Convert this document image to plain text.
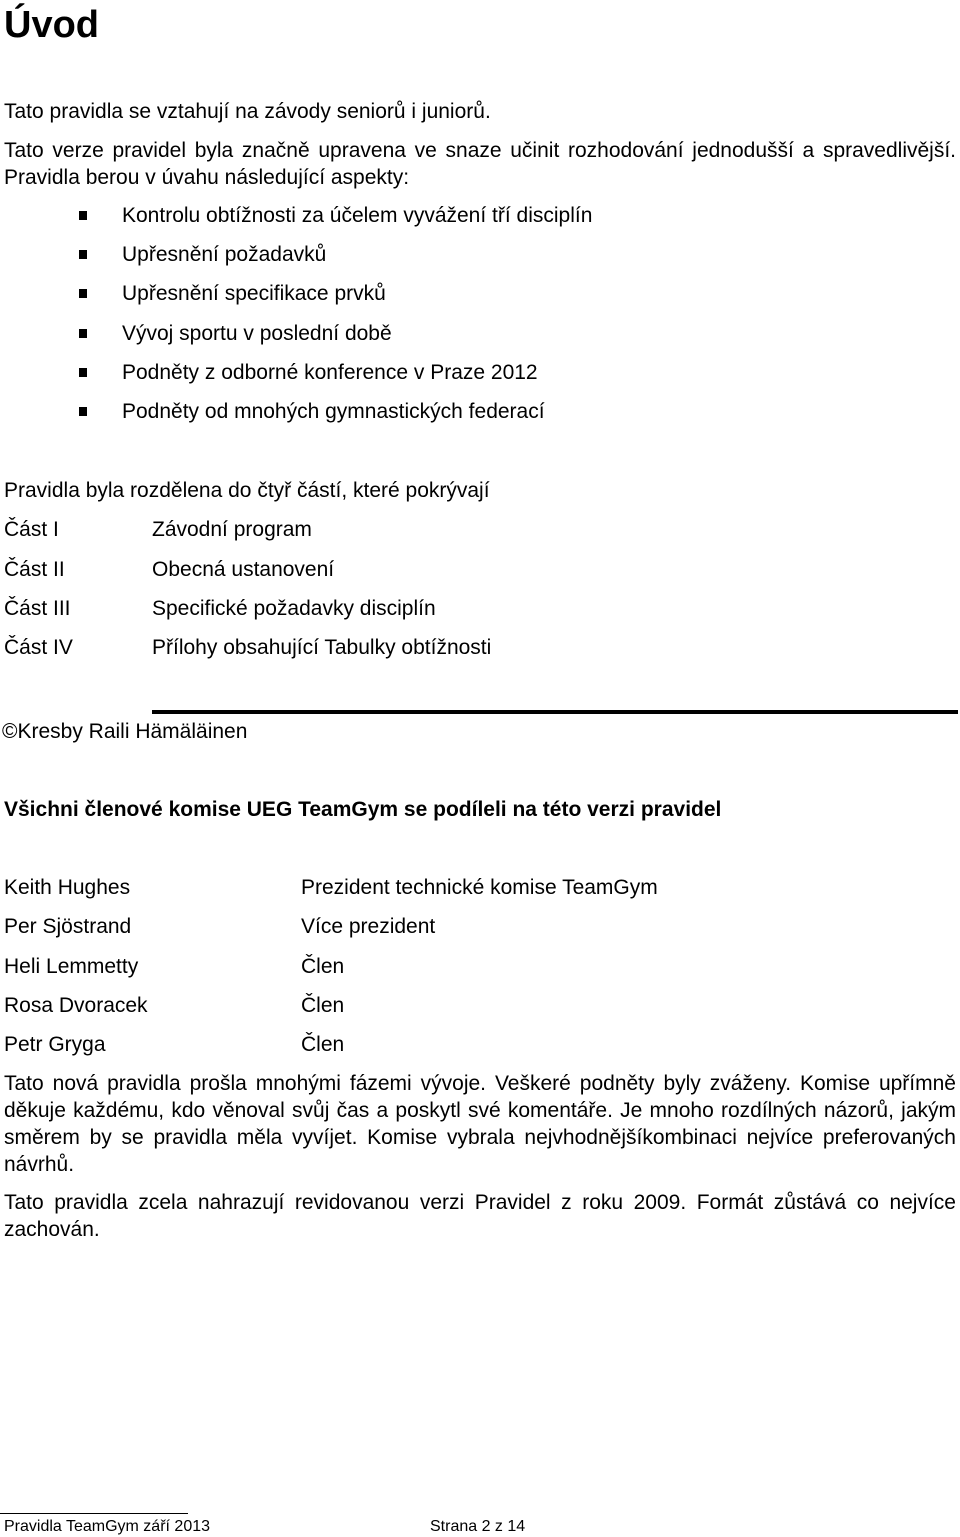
Úvod
Tato pravidla se vztahují na závody seniorů i juniorů.

Tato verze pravidel byla značně upravena ve snaze učinit rozhodování jednodušší a spravedlivější. Pravidla berou v úvahu následující aspekty:

Kontrolu obtížnosti za účelem vyvážení tří disciplín
Upřesnění požadavků
Upřesnění specifikace prvků
Vývoj sportu v poslední době
Podněty z odborné konference v Praze 2012
Podněty od mnohých gymnastických federací
Pravidla byla rozdělena do čtyř částí, které pokrývají
Část I	Závodní program
Část II	Obecná ustanovení
Část III	Specifické požadavky disciplín
Část IV	Přílohy obsahující Tabulky obtížnosti
©Kresby Raili Hämäläinen
Všichni členové komise UEG TeamGym se podíleli na této verzi pravidel
Keith Hughes	Prezident technické komise TeamGym
Per Sjöstrand	Více prezident
Heli Lemmetty	Člen
Rosa Dvoracek	Člen
Petr Gryga	Člen

Tato nová pravidla prošla mnohými fázemi vývoje. Veškeré podněty byly zváženy. Komise upřímně děkuje každému, kdo věnoval svůj čas a poskytl své komentáře. Je mnoho rozdílných názorů, jakým směrem by se pravidla měla vyvíjet. Komise vybrala nejvhodnějšíkombinaci nejvíce preferovaných návrhů.

Tato pravidla zcela nahrazují revidovanou verzi Pravidel z roku 2009. Formát zůstává co nejvíce zachován.

Pravidla TeamGym září 2013	Strana 2 z 14
